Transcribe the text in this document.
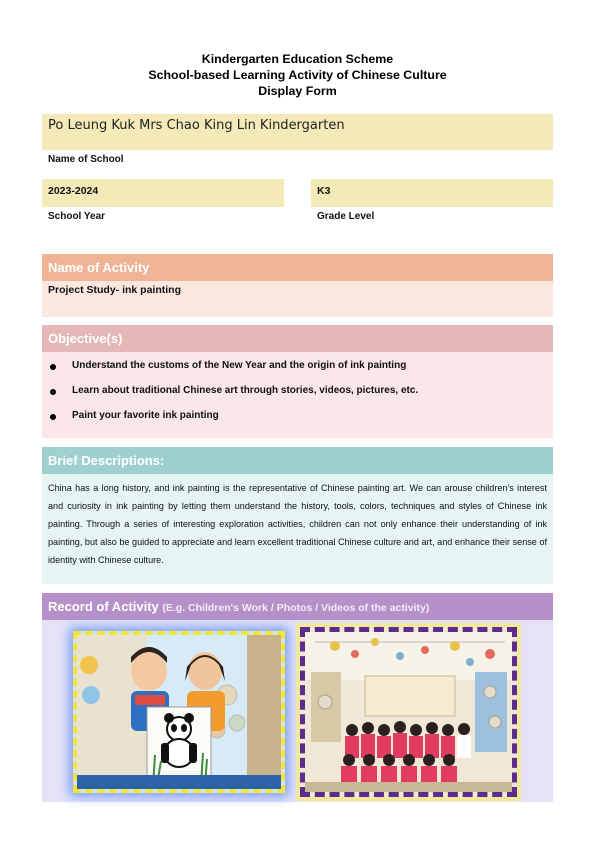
Kindergarten Education Scheme
School-based Learning Activity of Chinese Culture
Display Form
Po Leung Kuk Mrs Chao King Lin Kindergarten
Name of School
2023-2024
School Year
K3
Grade Level
Name of Activity
Project Study- ink painting
Objective(s)
Understand the customs of the New Year and the origin of ink painting
Learn about traditional Chinese art through stories, videos, pictures, etc.
Paint your favorite ink painting
Brief Descriptions:

China has a long history, and ink painting is the representative of Chinese painting art. We can arouse children's interest and curiosity in ink painting by letting them understand the history, tools, colors, techniques and styles of Chinese ink painting. Through a series of interesting exploration activities, children can not only enhance their understanding of ink painting, but also be guided to appreciate and learn excellent traditional Chinese culture and art, and enhance their sense of identity with Chinese culture.

Record of Activity (E.g. Children's Work / Photos / Videos of the activity)
